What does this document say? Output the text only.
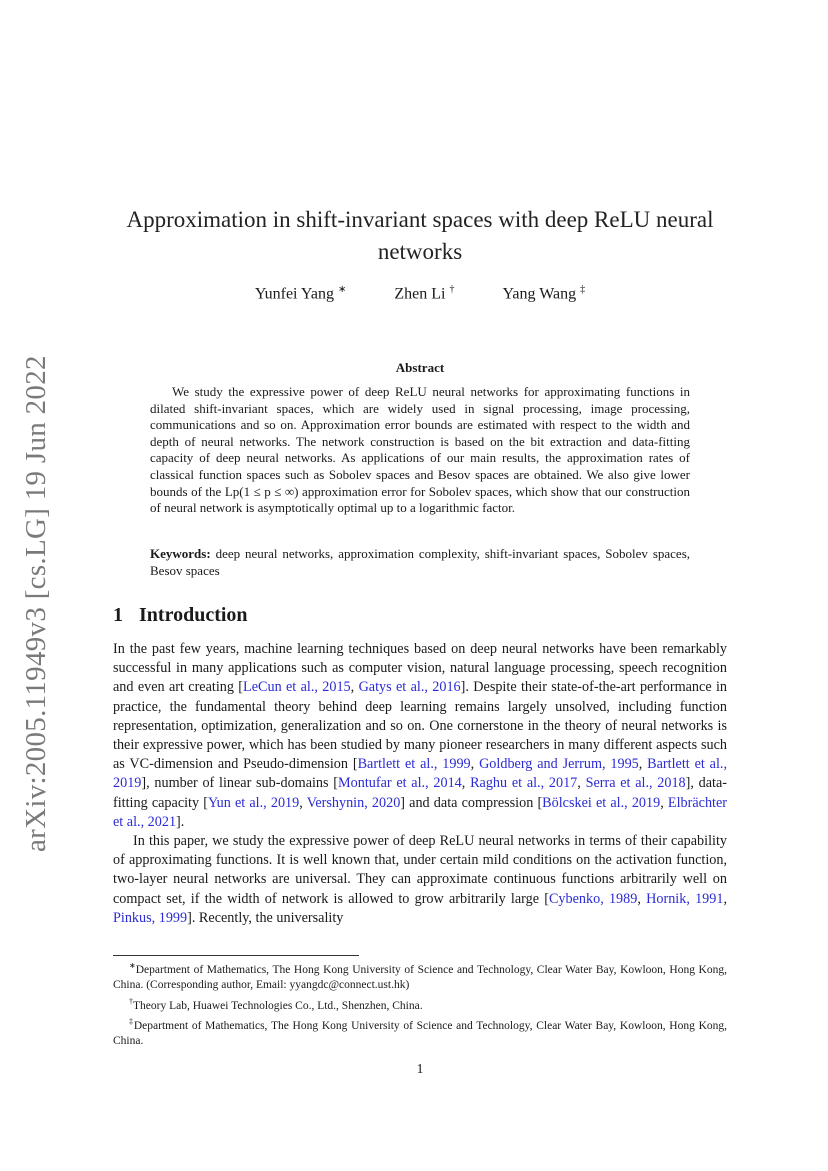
arXiv:2005.11949v3 [cs.LG] 19 Jun 2022
Approximation in shift-invariant spaces with deep ReLU neural networks
Yunfei Yang ∗	Zhen Li †	Yang Wang ‡
Abstract
We study the expressive power of deep ReLU neural networks for approximating functions in dilated shift-invariant spaces, which are widely used in signal processing, image processing, communications and so on. Approximation error bounds are estimated with respect to the width and depth of neural networks. The network construction is based on the bit extraction and data-fitting capacity of deep neural networks. As applications of our main results, the approximation rates of classical function spaces such as Sobolev spaces and Besov spaces are obtained. We also give lower bounds of the Lp(1 ≤ p ≤ ∞) approximation error for Sobolev spaces, which show that our construction of neural network is asymptotically optimal up to a logarithmic factor.
Keywords: deep neural networks, approximation complexity, shift-invariant spaces, Sobolev spaces, Besov spaces
1 Introduction

In the past few years, machine learning techniques based on deep neural networks have been remarkably successful in many applications such as computer vision, natural language processing, speech recognition and even art creating [LeCun et al., 2015, Gatys et al., 2016]. Despite their state-of-the-art performance in practice, the fundamental theory behind deep learning remains largely unsolved, including function representation, optimization, generalization and so on. One cornerstone in the theory of neural networks is their expressive power, which has been studied by many pioneer researchers in many different aspects such as VC-dimension and Pseudo-dimension [Bartlett et al., 1999, Goldberg and Jerrum, 1995, Bartlett et al., 2019], number of linear sub-domains [Montufar et al., 2014, Raghu et al., 2017, Serra et al., 2018], data-fitting capacity [Yun et al., 2019, Vershynin, 2020] and data compression [Bölcskei et al., 2019, Elbrächter et al., 2021].

In this paper, we study the expressive power of deep ReLU neural networks in terms of their capability of approximating functions. It is well known that, under certain mild conditions on the activation function, two-layer neural networks are universal. They can approximate continuous functions arbitrarily well on compact set, if the width of network is allowed to grow arbitrarily large [Cybenko, 1989, Hornik, 1991, Pinkus, 1999]. Recently, the universality

∗Department of Mathematics, The Hong Kong University of Science and Technology, Clear Water Bay, Kowloon, Hong Kong, China. (Corresponding author, Email: yyangdc@connect.ust.hk)

†Theory Lab, Huawei Technologies Co., Ltd., Shenzhen, China.

‡Department of Mathematics, The Hong Kong University of Science and Technology, Clear Water Bay, Kowloon, Hong Kong, China.

1
